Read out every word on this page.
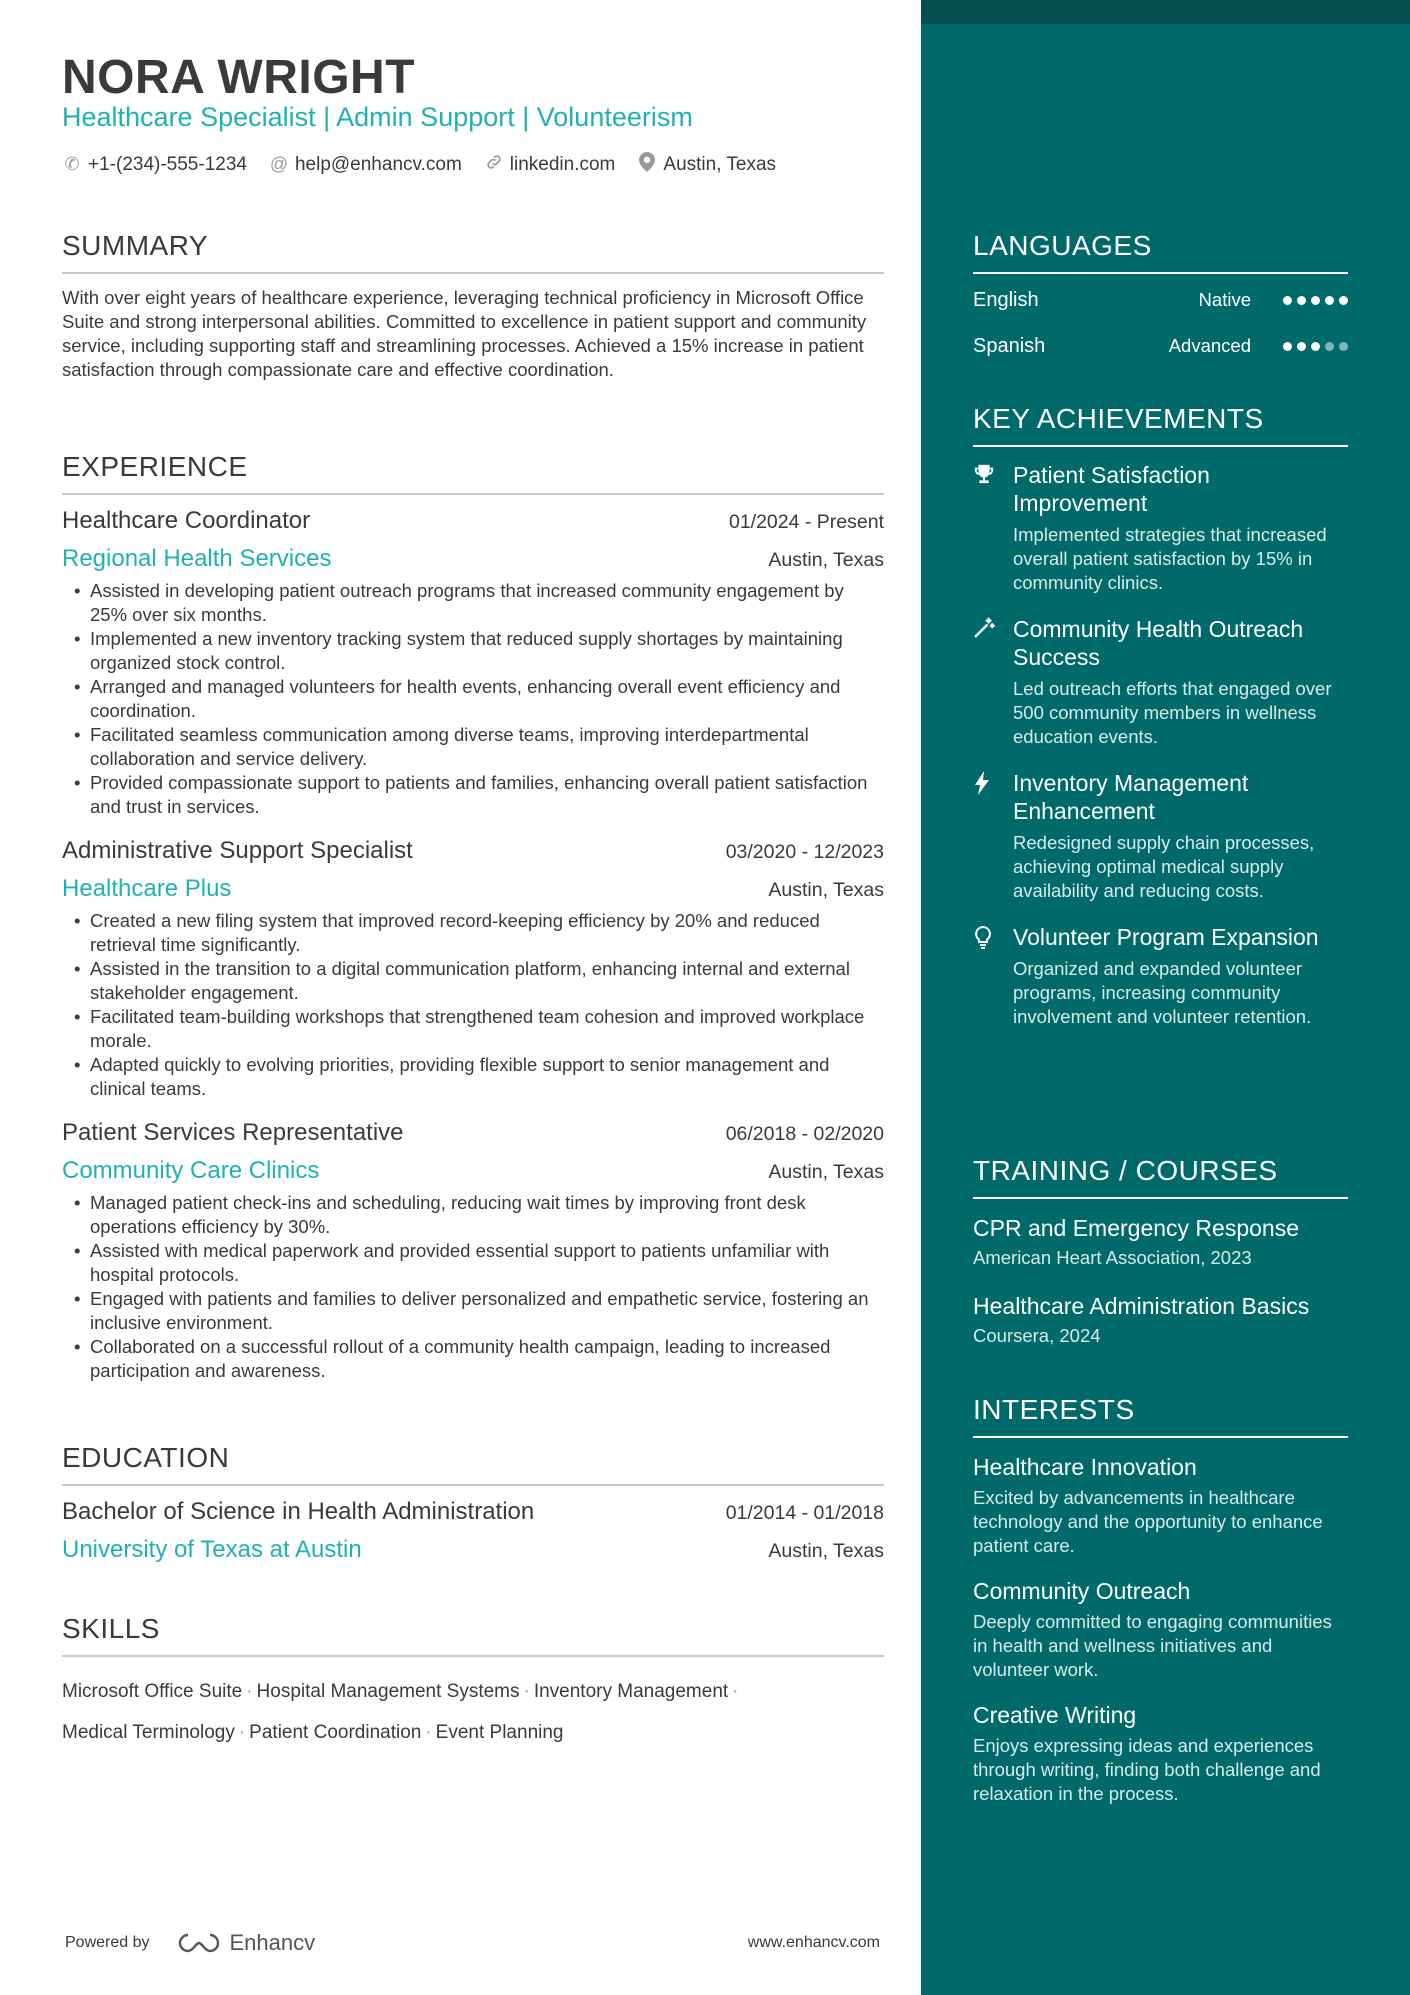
NORA WRIGHT
Healthcare Specialist | Admin Support | Volunteerism
✆ +1-(234)-555-1234 @ help@enhancv.com	linkedin.com	Austin, Texas
SUMMARY
With over eight years of healthcare experience, leveraging technical proficiency in Microsoft Office Suite and strong interpersonal abilities. Committed to excellence in patient support and community service, including supporting staff and streamlining processes. Achieved a 15% increase in patient satisfaction through compassionate care and effective coordination.
EXPERIENCE
Healthcare Coordinator	01/2024 - Present
Regional Health Services	Austin, Texas
• Assisted in developing patient outreach programs that increased community engagement by 25% over six months.
• Implemented a new inventory tracking system that reduced supply shortages by maintaining organized stock control.
• Arranged and managed volunteers for health events, enhancing overall event efficiency and coordination.
• Facilitated seamless communication among diverse teams, improving interdepartmental collaboration and service delivery.
• Provided compassionate support to patients and families, enhancing overall patient satisfaction and trust in services.
Administrative Support Specialist	03/2020 - 12/2023
Healthcare Plus	Austin, Texas
• Created a new filing system that improved record-keeping efficiency by 20% and reduced retrieval time significantly.
• Assisted in the transition to a digital communication platform, enhancing internal and external stakeholder engagement.
• Facilitated team-building workshops that strengthened team cohesion and improved workplace morale.
• Adapted quickly to evolving priorities, providing flexible support to senior management and clinical teams.
Patient Services Representative	06/2018 - 02/2020
Community Care Clinics	Austin, Texas
• Managed patient check-ins and scheduling, reducing wait times by improving front desk operations efficiency by 30%.
• Assisted with medical paperwork and provided essential support to patients unfamiliar with hospital protocols.
• Engaged with patients and families to deliver personalized and empathetic service, fostering an inclusive environment.
• Collaborated on a successful rollout of a community health campaign, leading to increased participation and awareness.
EDUCATION
Bachelor of Science in Health Administration	01/2014 - 01/2018
University of Texas at Austin	Austin, Texas
SKILLS
Microsoft Office Suite · Hospital Management Systems · Inventory Management ·
Medical Terminology · Patient Coordination · Event Planning
Powered by	Enhancv	www.enhancv.com
LANGUAGES
English	Native
Spanish	Advanced
KEY ACHIEVEMENTS
Patient Satisfaction Improvement
Implemented strategies that increased overall patient satisfaction by 15% in community clinics.
Community Health Outreach Success
Led outreach efforts that engaged over 500 community members in wellness education events.
Inventory Management Enhancement
Redesigned supply chain processes, achieving optimal medical supply availability and reducing costs.
Volunteer Program Expansion
Organized and expanded volunteer programs, increasing community involvement and volunteer retention.
TRAINING / COURSES
CPR and Emergency Response
American Heart Association, 2023
Healthcare Administration Basics
Coursera, 2024
INTERESTS
Healthcare Innovation
Excited by advancements in healthcare technology and the opportunity to enhance patient care.
Community Outreach
Deeply committed to engaging communities in health and wellness initiatives and volunteer work.
Creative Writing
Enjoys expressing ideas and experiences through writing, finding both challenge and relaxation in the process.
